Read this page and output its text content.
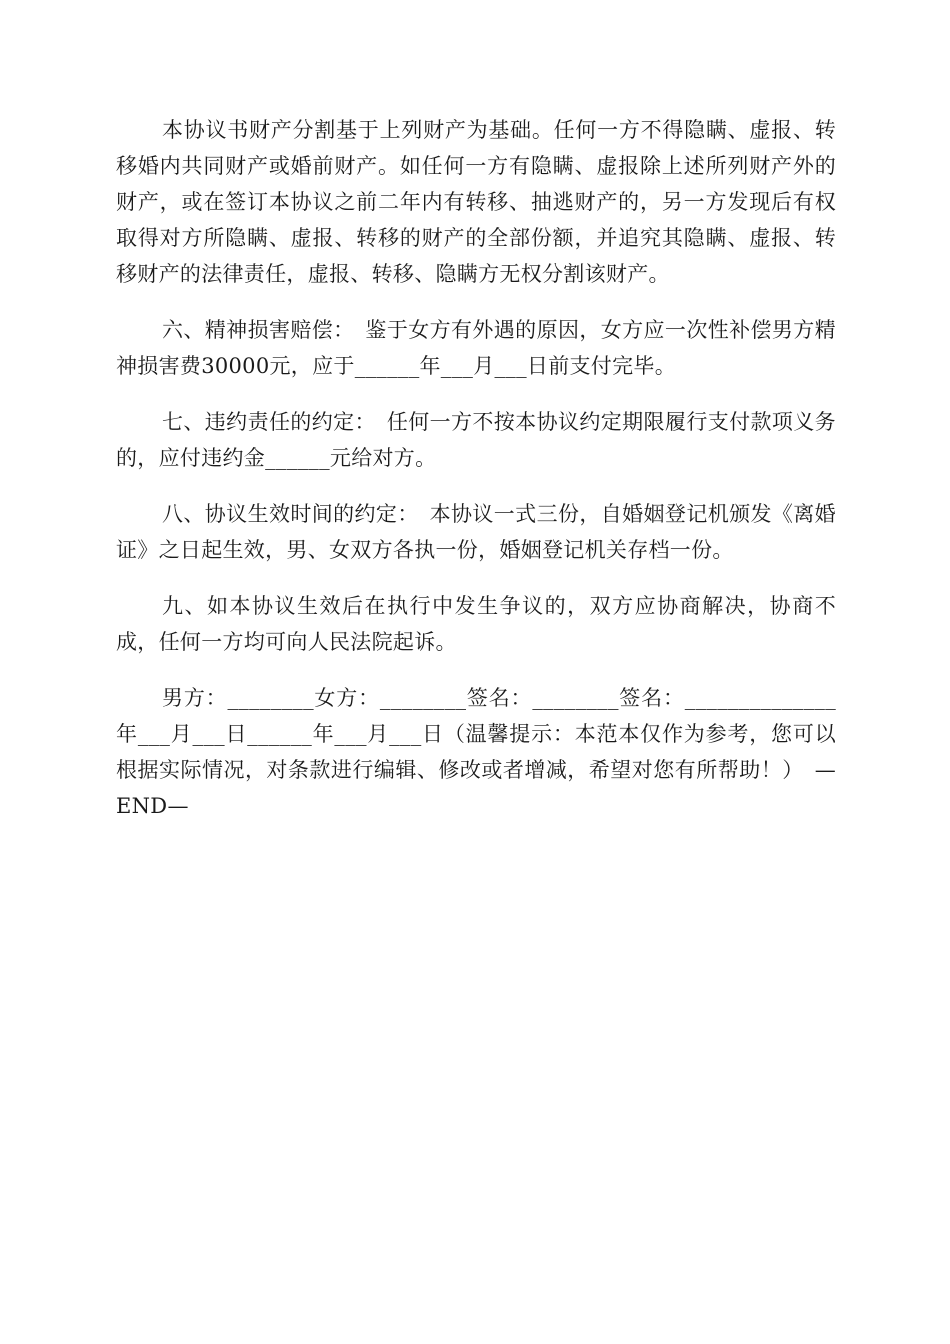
本协议书财产分割基于上列财产为基础。任何一方不得隐瞒、虚报、转移婚内共同财产或婚前财产。如任何一方有隐瞒、虚报除上述所列财产外的财产，或在签订本协议之前二年内有转移、抽逃财产的，另一方发现后有权取得对方所隐瞒、虚报、转移的财产的全部份额，并追究其隐瞒、虚报、转移财产的法律责任，虚报、转移、隐瞒方无权分割该财产。

六、精神损害赔偿：　鉴于女方有外遇的原因，女方应一次性补偿男方精神损害费30000元，应于______年___月___日前支付完毕。

七、违约责任的约定：　任何一方不按本协议约定期限履行支付款项义务的，应付违约金______元给对方。

八、协议生效时间的约定：　本协议一式三份，自婚姻登记机颁发《离婚证》之日起生效，男、女双方各执一份，婚姻登记机关存档一份。

九、如本协议生效后在执行中发生争议的，双方应协商解决，协商不成，任何一方均可向人民法院起诉。

男方：________女方：________签名：________签名：______________年___月___日______年___月___日（温馨提示：本范本仅作为参考，您可以根据实际情况，对条款进行编辑、修改或者增减，希望对您有所帮助！）　—END—
